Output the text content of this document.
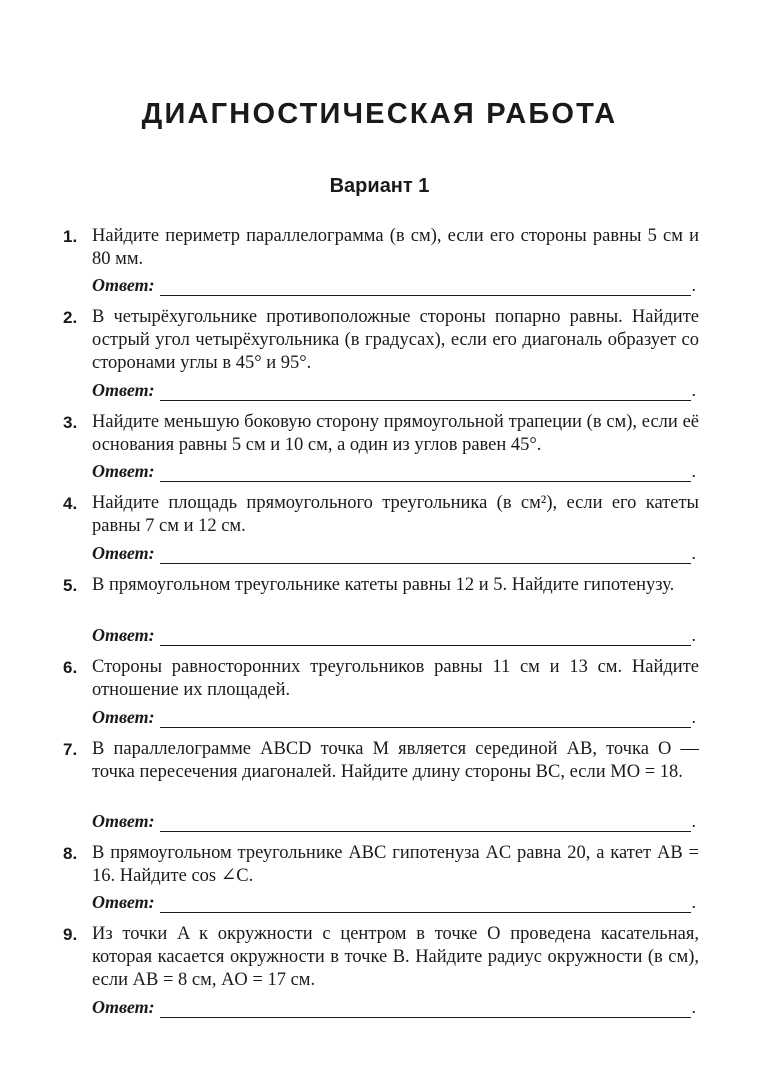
ДИАГНОСТИЧЕСКАЯ РАБОТА
Вариант 1
1. Найдите периметр параллелограмма (в см), если его стороны равны 5 см и 80 мм.
Ответ:	.
2. В четырёхугольнике противоположные стороны попарно равны. Найдите острый угол четырёхугольника (в градусах), если его диагональ образует со сторонами углы в 45° и 95°.
Ответ:	.
3. Найдите меньшую боковую сторону прямоугольной трапеции (в см), если её основания равны 5 см и 10 см, а один из углов равен 45°.
Ответ:	.
4. Найдите площадь прямоугольного треугольника (в см²), если его катеты равны 7 см и 12 см.
Ответ:	.
5. В прямоугольном треугольнике катеты равны 12 и 5. Найдите гипотенузу.
Ответ:	.
6. Стороны равносторонних треугольников равны 11 см и 13 см. Найдите отношение их площадей.
Ответ:	.
7. В параллелограмме ABCD точка M является серединой AB, точка O — точка пересечения диагоналей. Найдите длину стороны BC, если MO = 18.
Ответ:	.
8. В прямоугольном треугольнике ABC гипотенуза AC равна 20, а катет AB = 16. Найдите cos ∠C.
Ответ:	.
9. Из точки A к окружности с центром в точке O проведена касательная, которая касается окружности в точке B. Найдите радиус окружности (в см), если AB = 8 см, AO = 17 см.
Ответ:	.
